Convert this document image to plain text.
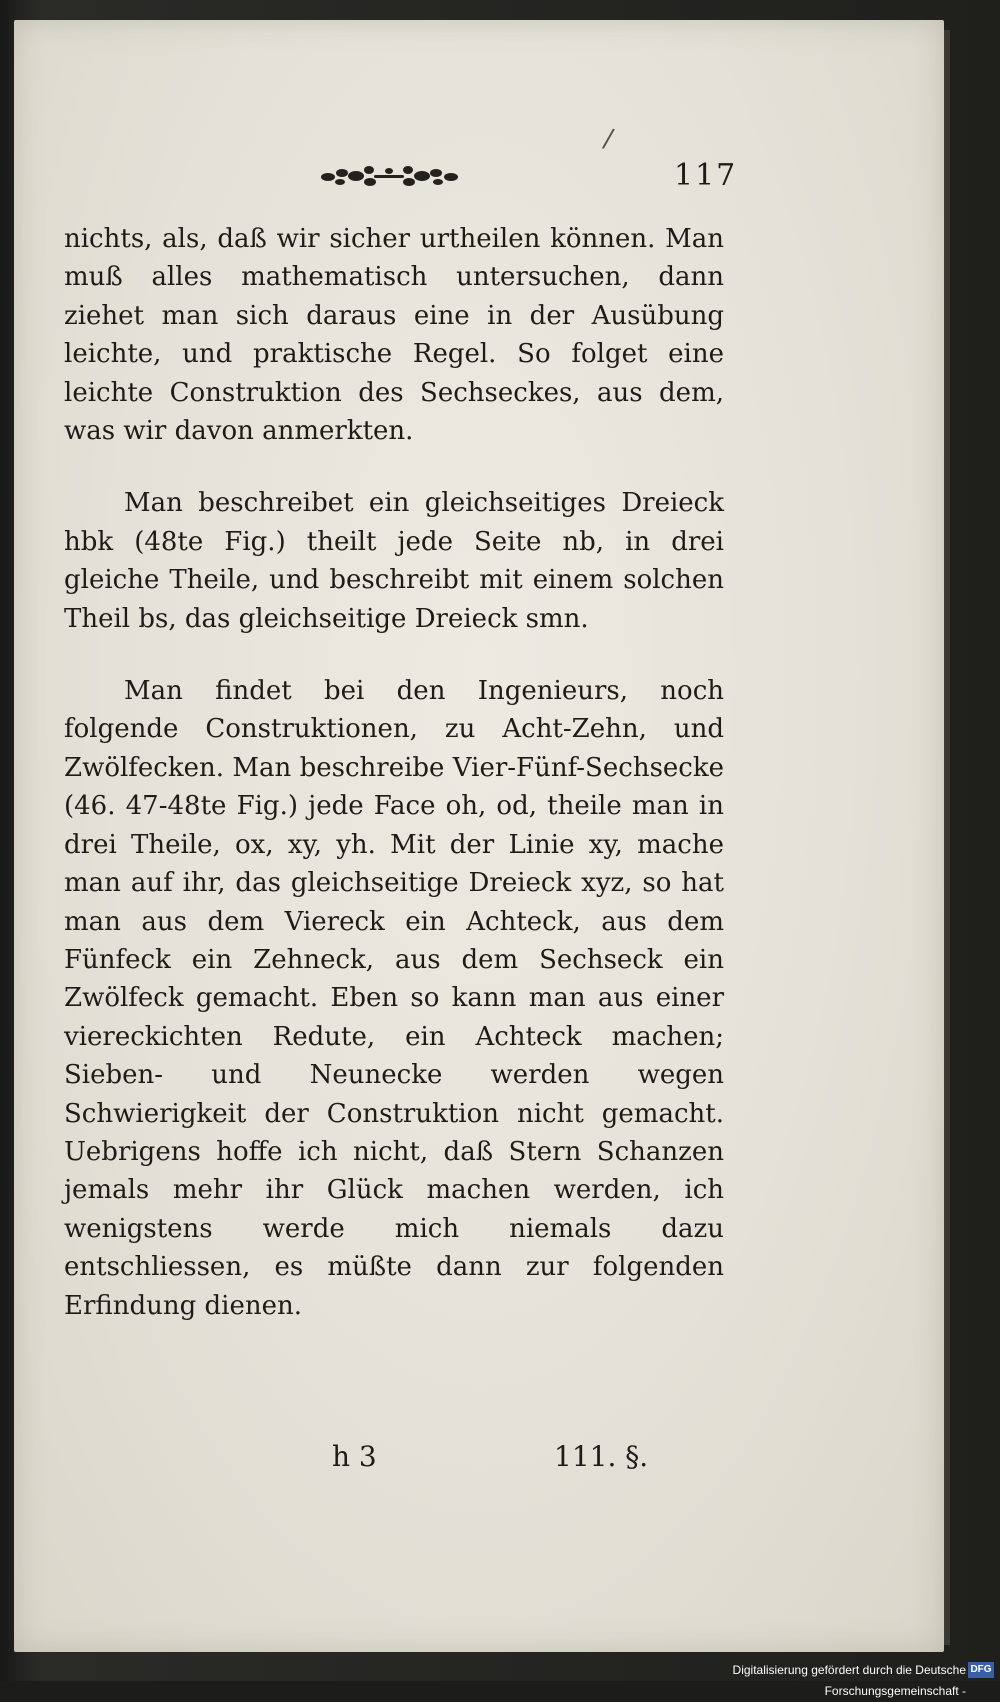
/
117

nichts, als, daß wir sicher urtheilen können. Man muß alles mathematisch untersuchen, dann ziehet man sich daraus eine in der Ausübung leichte, und praktische Regel. So folget eine leichte Construktion des Sechseckes, aus dem, was wir davon anmerkten.

Man beschreibet ein gleichseitiges Dreieck hbk (48te Fig.) theilt jede Seite nb, in drei gleiche Theile, und beschreibt mit einem solchen Theil bs, das gleichseitige Dreieck smn.

Man findet bei den Ingenieurs, noch folgende Construktionen, zu Acht-Zehn, und Zwölfecken. Man beschreibe Vier-Fünf-Sechsecke (46. 47-48te Fig.) jede Face oh, od, theile man in drei Theile, ox, xy, yh. Mit der Linie xy, mache man auf ihr, das gleichseitige Dreieck xyz, so hat man aus dem Viereck ein Achteck, aus dem Fünfeck ein Zehneck, aus dem Sechseck ein Zwölfeck gemacht. Eben so kann man aus einer viereckichten Redute, ein Achteck machen; Sieben- und Neunecke werden wegen Schwierigkeit der Construktion nicht gemacht. Uebrigens hoffe ich nicht, daß Stern Schanzen jemals mehr ihr Glück machen werden, ich wenigstens werde mich niemals dazu entschliessen, es müßte dann zur folgenden Erfindung dienen.

h 3	111. §.
Digitalisierung gefördert durch die Deutsche Forschungsgemeinschaft -
DFG
